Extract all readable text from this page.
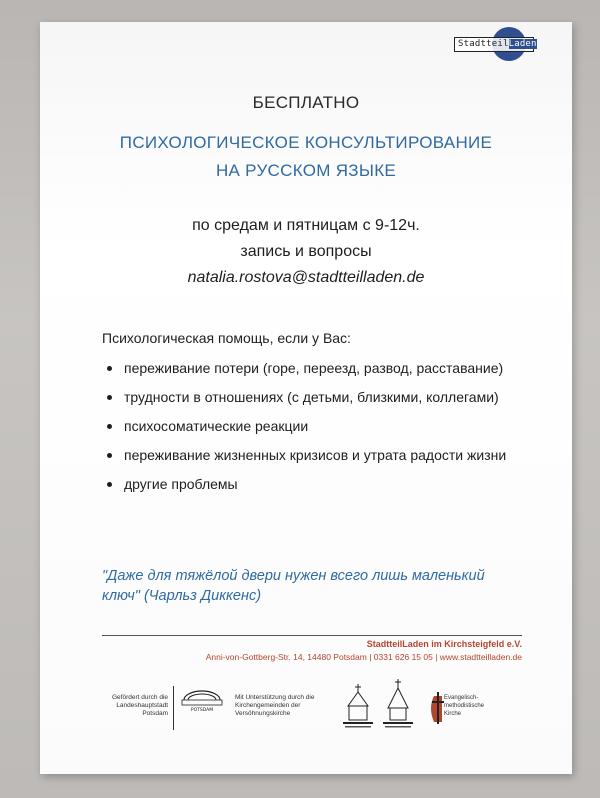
StadtteilLaden
БЕСПЛАТНО
ПСИХОЛОГИЧЕСКОЕ КОНСУЛЬТИРОВАНИЕ
НА РУССКОМ ЯЗЫКЕ
по средам и пятницам с 9-12ч.
запись и вопросы
natalia.rostova@stadtteilladen.de
Психологическая помощь, если у Вас:
переживание потери (горе, переезд, развод, расставание)
трудности в отношениях (с детьми, близкими, коллегами)
психосоматические реакции
переживание жизненных кризисов и утрата радости жизни
другие проблемы
"Даже для тяжёлой двери нужен всего лишь маленький ключ" (Чарльз Диккенс)
StadtteilLaden im Kirchsteigfeld e.V.
Anni-von-Gottberg-Str. 14, 14480 Potsdam | 0331 626 15 05 | www.stadtteilladen.de
Gefördert durch die Landeshauptstadt Potsdam	POTSDAM
Mit Unterstützung durch die Kirchengemeinden der Versöhnungskirche
Evangelisch-methodistische Kirche
